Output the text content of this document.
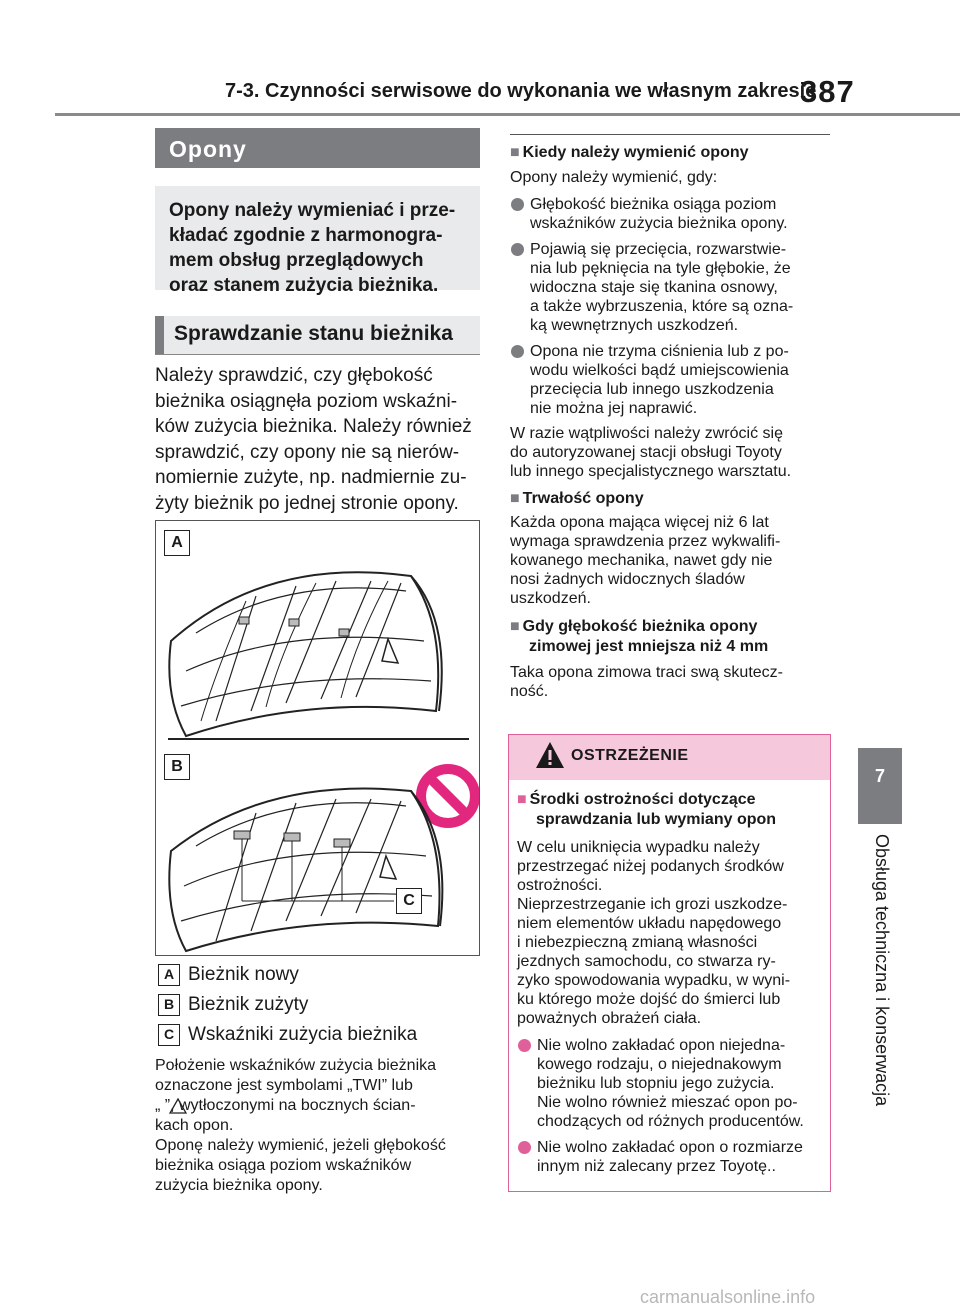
7-3. Czynności serwisowe do wykonania we własnym zakresie
387
7
Obsługa techniczna i konserwacja
Opony
Opony należy wymieniać i prze-
kładać zgodnie z harmonogra-
mem obsług przeglądowych
oraz stanem zużycia bieżnika.
Sprawdzanie stanu bieżnika
Należy sprawdzić, czy głębokość
bieżnika osiągnęła poziom wskaźni-
ków zużycia bieżnika. Należy również
sprawdzić, czy opony nie są nierów-
nomiernie zużyte, np. nadmiernie zu-
żyty bieżnik po jednej stronie opony.
A
B
C
A Bieżnik nowy
B Bieżnik zużyty
C Wskaźniki zużycia bieżnika
Położenie wskaźników zużycia bieżnika
oznaczone jest symbolami „TWI” lub
„ ”, wytłoczonymi na bocznych ścian-
kach opon.
Oponę należy wymienić, jeżeli głębokość
bieżnika osiąga poziom wskaźników
zużycia bieżnika opony.
■ Kiedy należy wymienić opony
Opony należy wymienić, gdy:
Głębokość bieżnika osiąga poziom
wskaźników zużycia bieżnika opony.
Pojawią się przecięcia, rozwarstwie-
nia lub pęknięcia na tyle głębokie, że
widoczna staje się tkanina osnowy,
a także wybrzuszenia, które są ozna-
ką wewnętrznych uszkodzeń.
Opona nie trzyma ciśnienia lub z po-
wodu wielkości bądź umiejscowienia
przecięcia lub innego uszkodzenia
nie można jej naprawić.
W razie wątpliwości należy zwrócić się
do autoryzowanej stacji obsługi Toyoty
lub innego specjalistycznego warsztatu.
■ Trwałość opony
Każda opona mająca więcej niż 6 lat
wymaga sprawdzenia przez wykwalifi-
kowanego mechanika, nawet gdy nie
nosi żadnych widocznych śladów
uszkodzeń.
■ Gdy głębokość bieżnika opony
zimowej jest mniejsza niż 4 mm
Taka opona zimowa traci swą skutecz-
ność.
OSTRZEŻENIE
■ Środki ostrożności dotyczące
sprawdzania lub wymiany opon
W celu uniknięcia wypadku należy
przestrzegać niżej podanych środków
ostrożności.
Nieprzestrzeganie ich grozi uszkodze-
niem elementów układu napędowego
i niebezpieczną zmianą własności
jezdnych samochodu, co stwarza ry-
zyko spowodowania wypadku, w wyni-
ku którego może dojść do śmierci lub
poważnych obrażeń ciała.
Nie wolno zakładać opon niejedna-
kowego rodzaju, o niejednakowym
bieżniku lub stopniu jego zużycia.
Nie wolno również mieszać opon po-
chodzących od różnych producentów.
Nie wolno zakładać opon o rozmiarze
innym niż zalecany przez Toyotę..
carmanualsonline.info
